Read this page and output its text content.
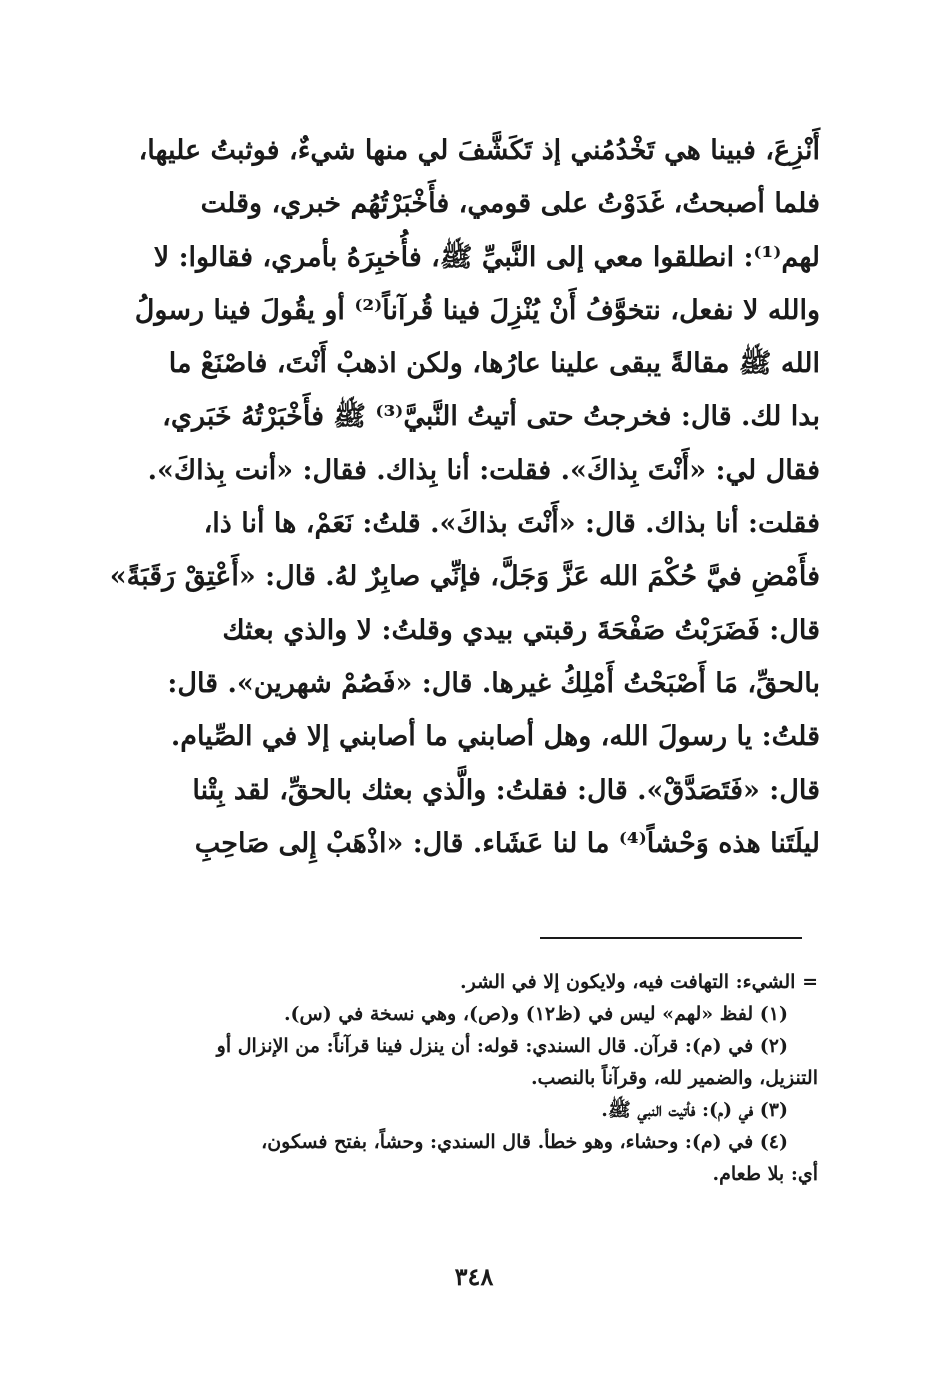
أَنْزِعَ، فبينا هي تَخْدُمُني إذ تَكَشَّفَ لي منها شيءٌ، فوثبتُ عليها،
فلما أصبحتُ، غَدَوْتُ على قومي، فأَخْبَرْتُهُم خبري، وقلت
لهم⁽¹⁾: انطلقوا معي إلى النَّبيِّ ﷺ، فأُخبِرَهُ بأمري، فقالوا: لا
والله لا نفعل، نتخوَّفُ أَنْ يُنْزِلَ فينا قُرآناً⁽²⁾ أو يقُولَ فينا رسولُ
الله ﷺ مقالةً يبقى علينا عارُها، ولكن اذهبْ أَنْتَ، فاصْنَعْ ما
بدا لك. قال: فخرجتُ حتى أتيتُ النَّبيَّ⁽³⁾ ﷺ فأَخْبَرْتُهُ خَبَري،
فقال لي: «أَنْتَ بِذاكَ». فقلت: أنا بِذاك. فقال: «أنت بِذاكَ».
فقلت: أنا بذاك. قال: «أَنْتَ بذاكَ». قلتُ: نَعَمْ، ها أنا ذا،
فأَمْضِ فيَّ حُكْمَ الله عَزَّ وَجَلَّ، فإنِّي صابِرٌ لهُ. قال: «أَعْتِقْ رَقَبَةً»
قال: فَضَرَبْتُ صَفْحَةَ رقبتي بيدي وقلتُ: لا والذي بعثك
بالحقِّ، مَا أَصْبَحْتُ أَمْلِكُ غيرها. قال: «فَصُمْ شهرين». قال:
قلتُ: يا رسولَ الله، وهل أصابني ما أصابني إلا في الصِّيام.
قال: «فَتَصَدَّقْ». قال: فقلتُ: والَّذي بعثك بالحقِّ، لقد بِتْنا
ليلَتَنا هذه وَحْشاً⁽⁴⁾ ما لنا عَشَاء. قال: «اذْهَبْ إِلى صَاحِبِ
= الشيء: التهافت فيه، ولايكون إلا في الشر.
(١) لفظ «لهم» ليس في (ظ١٢) و(ص)، وهي نسخة في (س).
(٢) في (م): قرآن. قال السندي: قوله: أن ينزل فينا قرآناً: من الإنزال أو
التنزيل، والضمير لله، وقرآناً بالنصب.
(٣) في (م): فأتيت النبي ﷺ.
(٤) في (م): وحشاء، وهو خطأ. قال السندي: وحشاً، بفتح فسكون،
أي: بلا طعام.
٣٤٨
